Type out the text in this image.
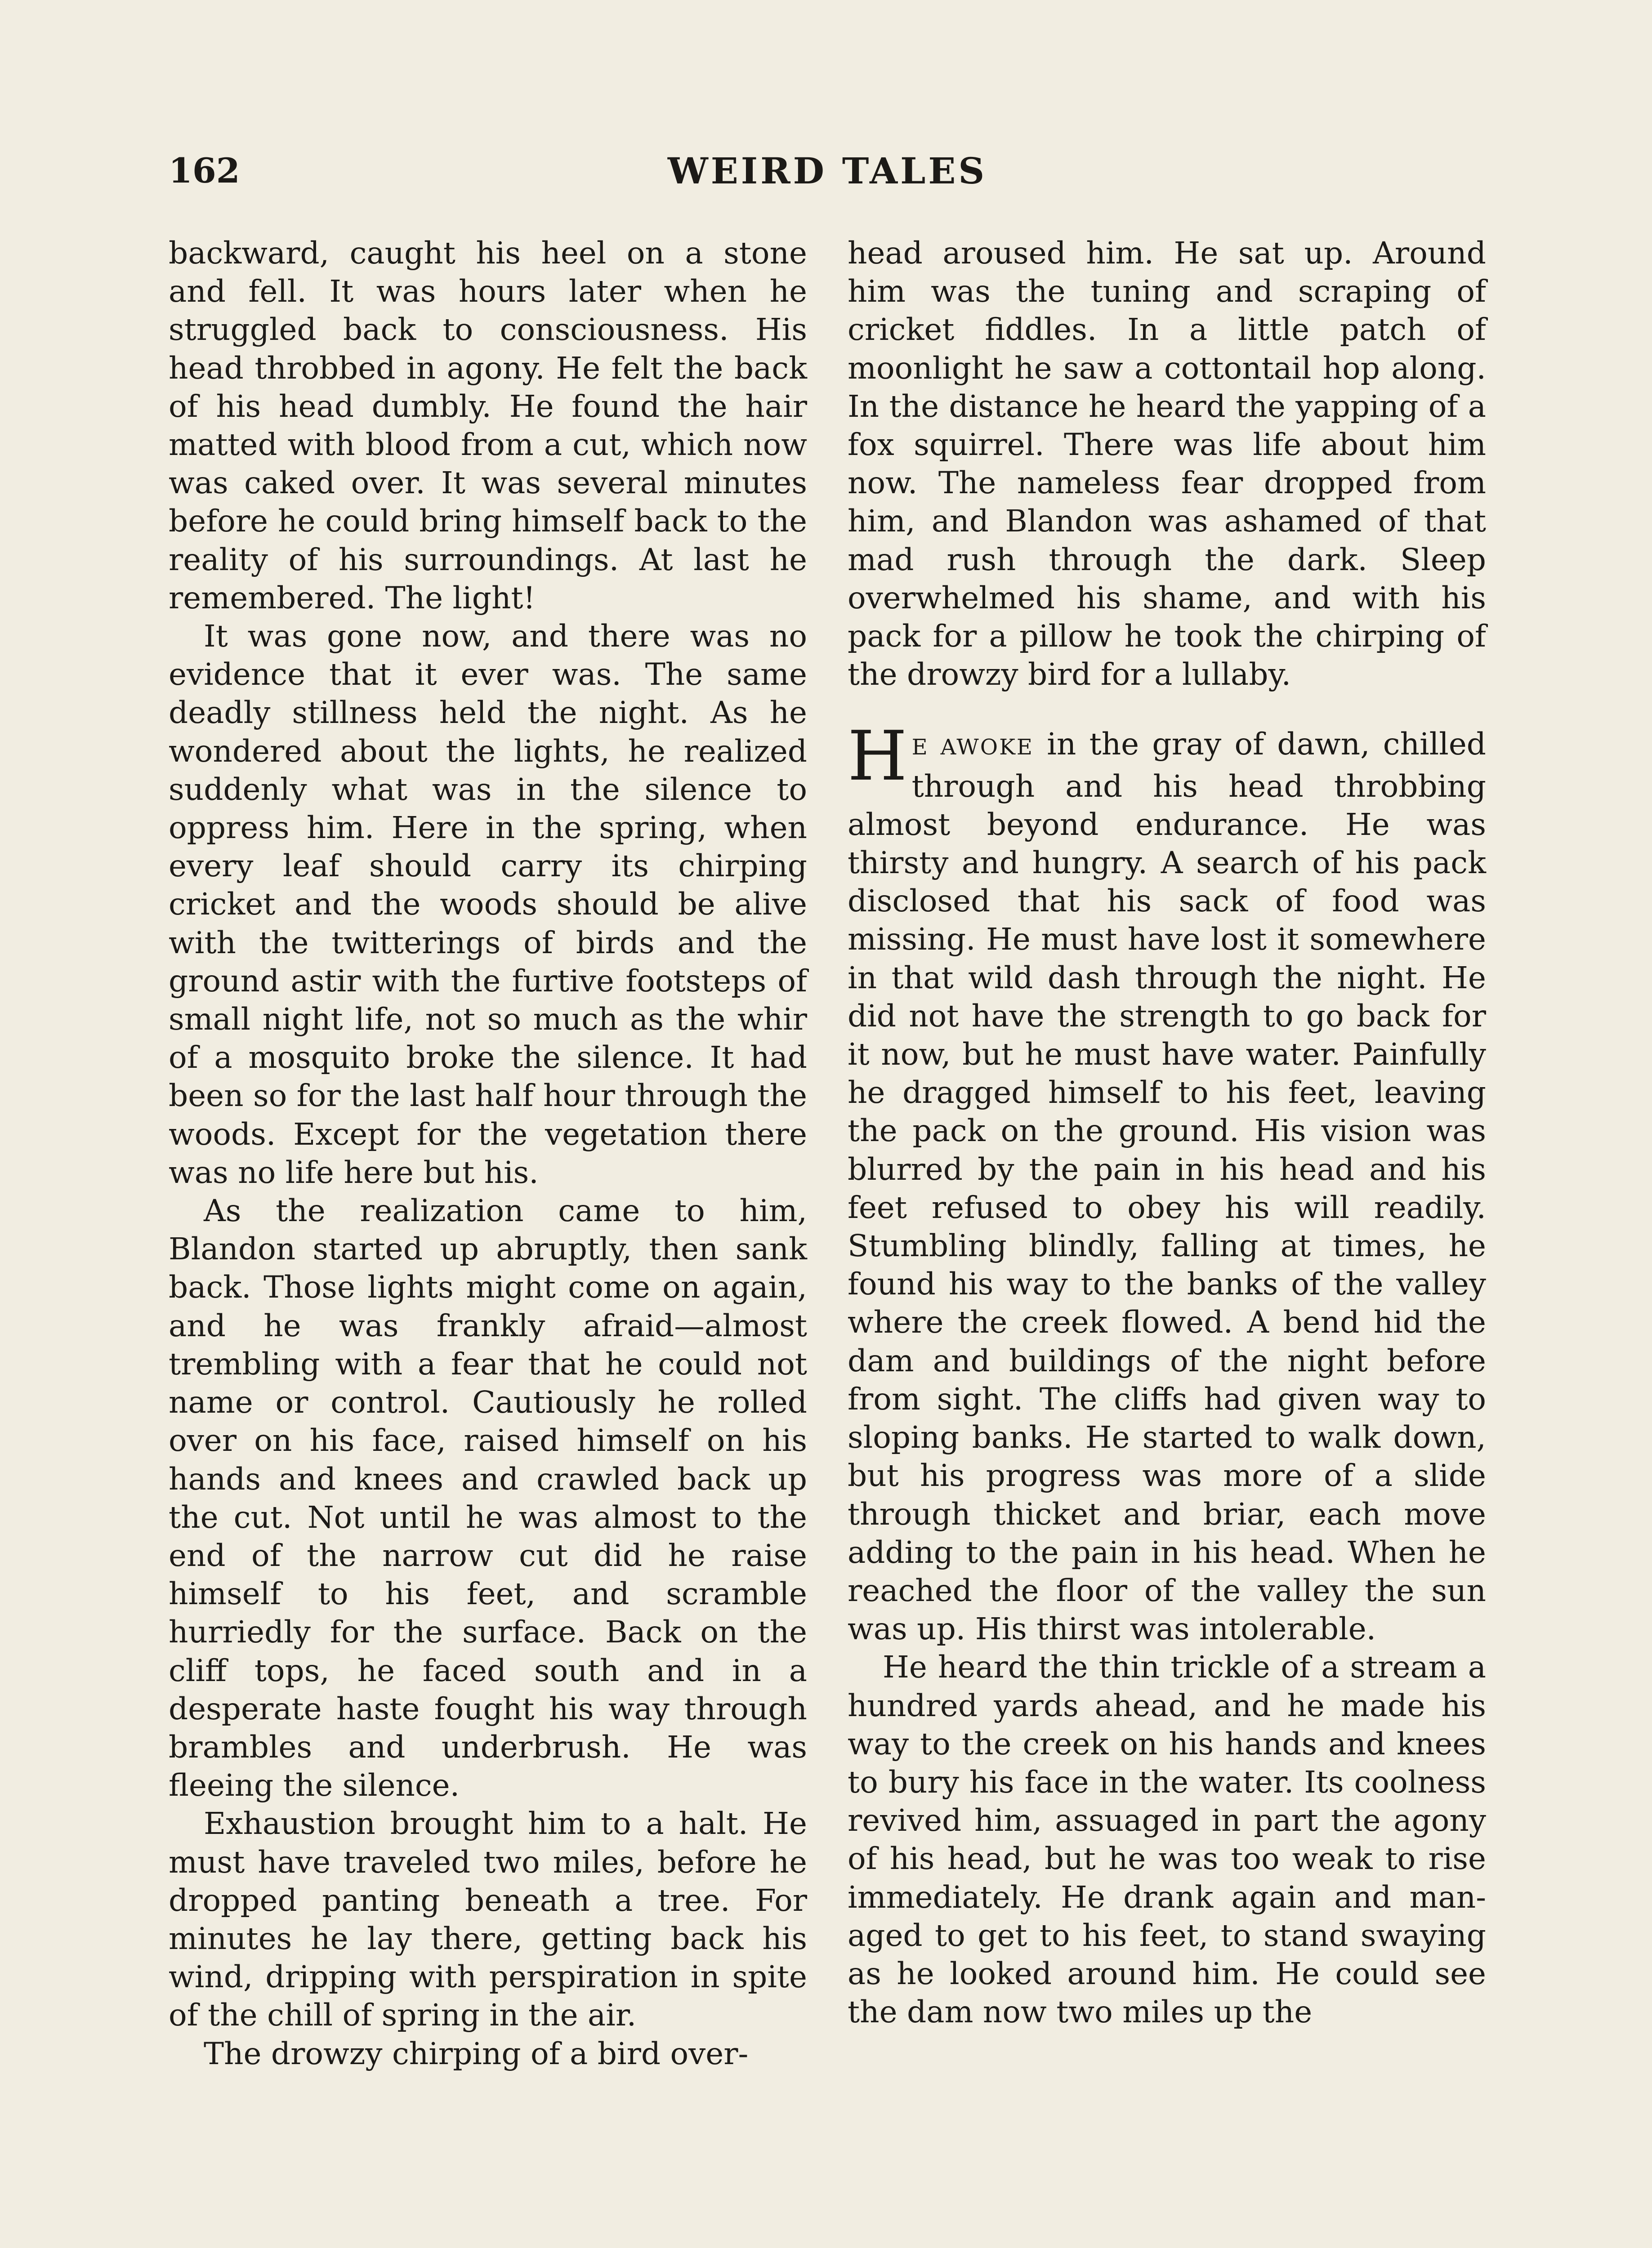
162	WEIRD TALES

backward, caught his heel on a stone and fell. It was hours later when he struggled back to consciousness. His head throbbed in agony. He felt the back of his head dumbly. He found the hair matted with blood from a cut, which now was caked over. It was several minutes before he could bring himself back to the reality of his surroundings. At last he remembered. The light!

It was gone now, and there was no evidence that it ever was. The same deadly stillness held the night. As he wondered about the lights, he realized suddenly what was in the silence to oppress him. Here in the spring, when every leaf should carry its chirping cricket and the woods should be alive with the twitterings of birds and the ground astir with the furtive footsteps of small night life, not so much as the whir of a mosquito broke the silence. It had been so for the last half hour through the woods. Except for the vegetation there was no life here but his.

As the realization came to him, Blandon started up abruptly, then sank back. Those lights might come on again, and he was frankly afraid—almost trembling with a fear that he could not name or control. Cautiously he rolled over on his face, raised himself on his hands and knees and crawled back up the cut. Not until he was almost to the end of the narrow cut did he raise himself to his feet, and scramble hurriedly for the surface. Back on the cliff tops, he faced south and in a desperate haste fought his way through brambles and underbrush. He was fleeing the silence.

Exhaustion brought him to a halt. He must have traveled two miles, before he dropped panting beneath a tree. For minutes he lay there, getting back his wind, dripping with perspiration in spite of the chill of spring in the air.

The drowzy chirping of a bird over-

head aroused him. He sat up. Around him was the tuning and scraping of cricket fiddles. In a little patch of moonlight he saw a cottontail hop along. In the distance he heard the yapping of a fox squirrel. There was life about him now. The nameless fear dropped from him, and Blandon was ashamed of that mad rush through the dark. Sleep overwhelmed his shame, and with his pack for a pillow he took the chirping of the drowzy bird for a lullaby.

HE AWOKE in the gray of dawn, chilled through and his head throbbing almost beyond endurance. He was thirsty and hungry. A search of his pack disclosed that his sack of food was missing. He must have lost it somewhere in that wild dash through the night. He did not have the strength to go back for it now, but he must have water. Painfully he dragged himself to his feet, leaving the pack on the ground. His vision was blurred by the pain in his head and his feet refused to obey his will readily. Stumbling blindly, falling at times, he found his way to the banks of the valley where the creek flowed. A bend hid the dam and buildings of the night before from sight. The cliffs had given way to sloping banks. He started to walk down, but his progress was more of a slide through thicket and briar, each move adding to the pain in his head. When he reached the floor of the valley the sun was up. His thirst was intolerable.

He heard the thin trickle of a stream a hundred yards ahead, and he made his way to the creek on his hands and knees to bury his face in the water. Its coolness revived him, assuaged in part the agony of his head, but he was too weak to rise immediately. He drank again and managed to get to his feet, to stand swaying as he looked around him. He could see the dam now two miles up the
